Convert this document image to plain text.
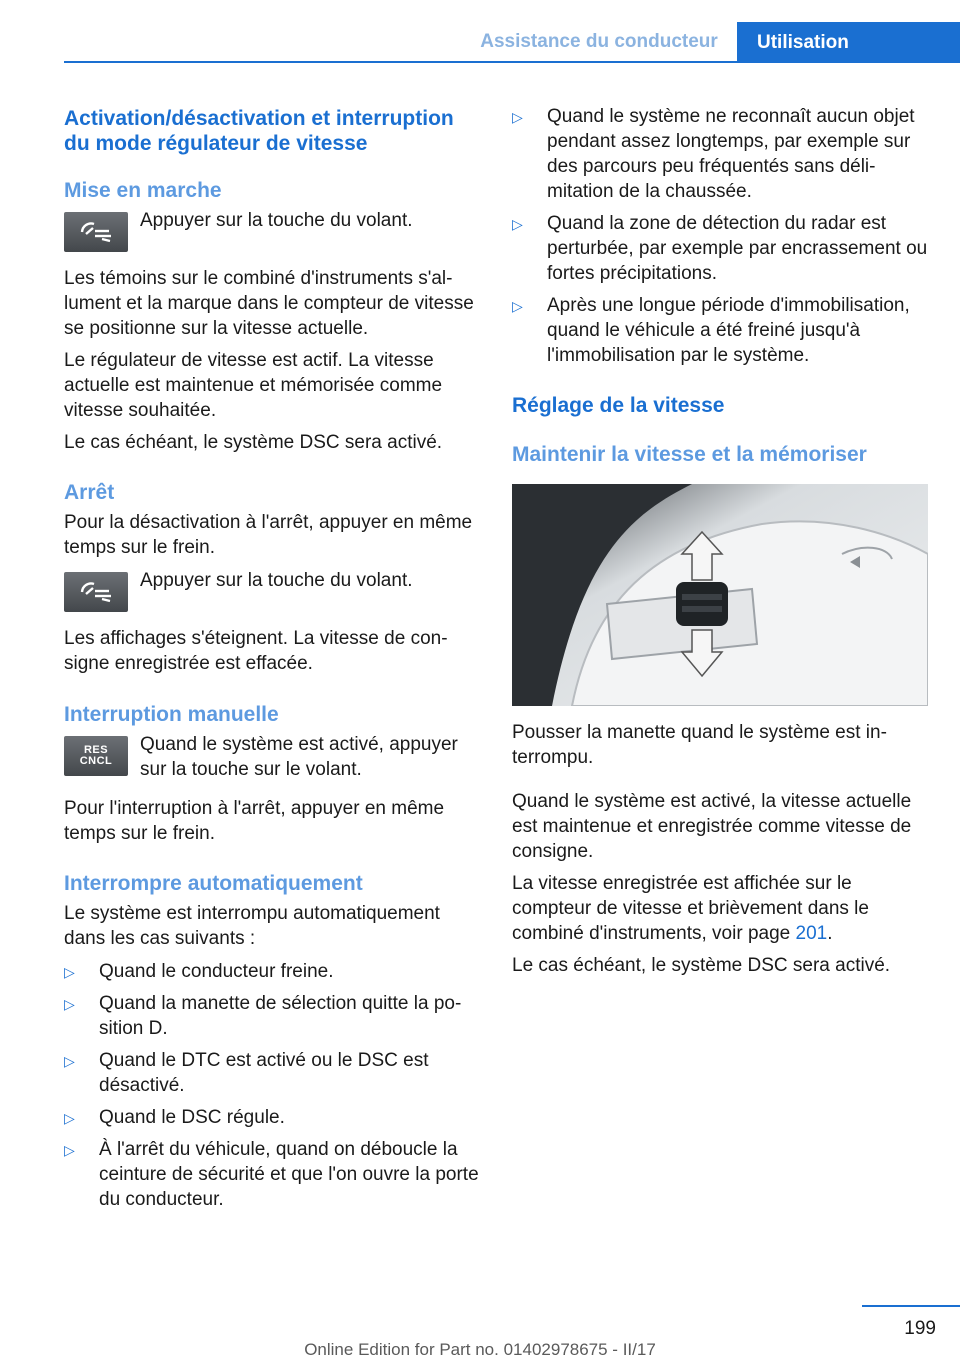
Assistance du conducteur	Utilisation
Activation/désactivation et interruption du mode régulateur de vitesse
Mise en marche

Appuyer sur la touche du volant.

Les témoins sur le combiné d'instruments s'allument et la marque dans le compteur de vitesse se positionne sur la vitesse actuelle.

Le régulateur de vitesse est actif. La vitesse actuelle est maintenue et mémorisée comme vitesse souhaitée.

Le cas échéant, le système DSC sera activé.

Arrêt

Pour la désactivation à l'arrêt, appuyer en même temps sur le frein.

Appuyer sur la touche du volant.

Les affichages s'éteignent. La vitesse de consigne enregistrée est effacée.

Interruption manuelle
RES
CNCL

Quand le système est activé, appuyer sur la touche sur le volant.

Pour l'interruption à l'arrêt, appuyer en même temps sur le frein.

Interrompre automatiquement

Le système est interrompu automatiquement dans les cas suivants :

▷ Quand le conducteur freine.
▷ Quand la manette de sélection quitte la position D.
▷ Quand le DTC est activé ou le DSC est désactivé.
▷ Quand le DSC régule.
▷ À l'arrêt du véhicule, quand on déboucle la ceinture de sécurité et que l'on ouvre la porte du conducteur.
▷ Quand le système ne reconnaît aucun objet pendant assez longtemps, par exemple sur des parcours peu fréquentés sans délimitation de la chaussée.
▷ Quand la zone de détection du radar est perturbée, par exemple par encrassement ou fortes précipitations.
▷ Après une longue période d'immobilisation, quand le véhicule a été freiné jusqu'à l'immobilisation par le système.
Réglage de la vitesse
Maintenir la vitesse et la mémoriser

Pousser la manette quand le système est interrompu.

Quand le système est activé, la vitesse actuelle est maintenue et enregistrée comme vitesse de consigne.

La vitesse enregistrée est affichée sur le compteur de vitesse et brièvement dans le combiné d'instruments, voir page 201.

Le cas échéant, le système DSC sera activé.

199
Online Edition for Part no. 01402978675 - II/17
